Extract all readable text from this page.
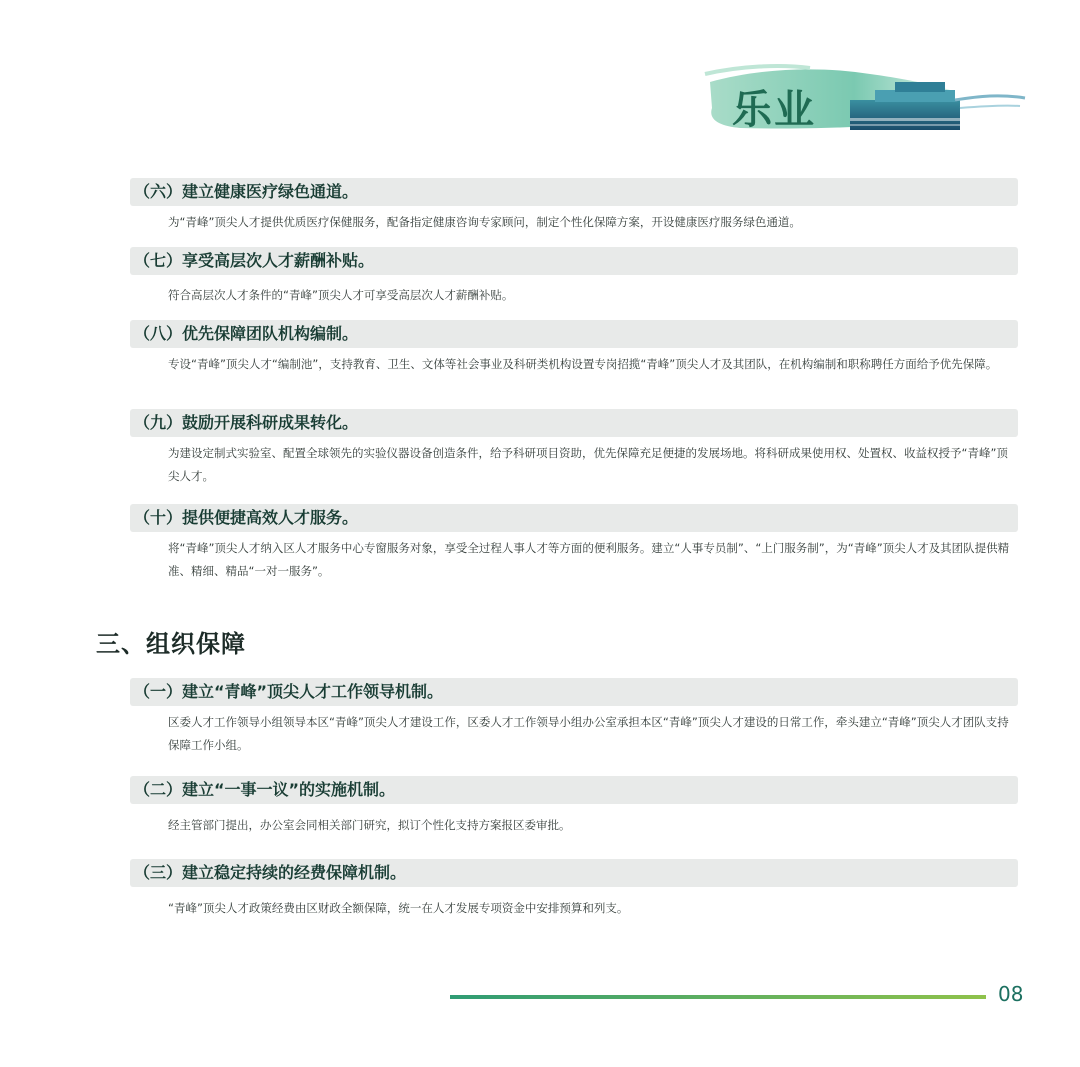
乐业
（六）建立健康医疗绿色通道。
为“青峰”顶尖人才提供优质医疗保健服务，配备指定健康咨询专家顾问，制定个性化保障方案，开设健康医疗服务绿色通道。
（七）享受高层次人才薪酬补贴。
符合高层次人才条件的“青峰”顶尖人才可享受高层次人才薪酬补贴。
（八）优先保障团队机构编制。
专设“青峰”顶尖人才“编制池”，支持教育、卫生、文体等社会事业及科研类机构设置专岗招揽“青峰”顶尖人才及其团队，在机构编制和职称聘任方面给予优先保障。
（九）鼓励开展科研成果转化。
为建设定制式实验室、配置全球领先的实验仪器设备创造条件，给予科研项目资助，优先保障充足便捷的发展场地。将科研成果使用权、处置权、收益权授予“青峰”顶尖人才。
（十）提供便捷高效人才服务。
将“青峰”顶尖人才纳入区人才服务中心专窗服务对象，享受全过程人事人才等方面的便利服务。建立“人事专员制”、“上门服务制”，为“青峰”顶尖人才及其团队提供精准、精细、精品“一对一服务”。
三、组织保障
（一）建立“青峰”顶尖人才工作领导机制。
区委人才工作领导小组领导本区“青峰”顶尖人才建设工作，区委人才工作领导小组办公室承担本区“青峰”顶尖人才建设的日常工作，牵头建立“青峰”顶尖人才团队支持保障工作小组。
（二）建立“一事一议”的实施机制。
经主管部门提出，办公室会同相关部门研究，拟订个性化支持方案报区委审批。
（三）建立稳定持续的经费保障机制。
“青峰”顶尖人才政策经费由区财政全额保障，统一在人才发展专项资金中安排预算和列支。
08
